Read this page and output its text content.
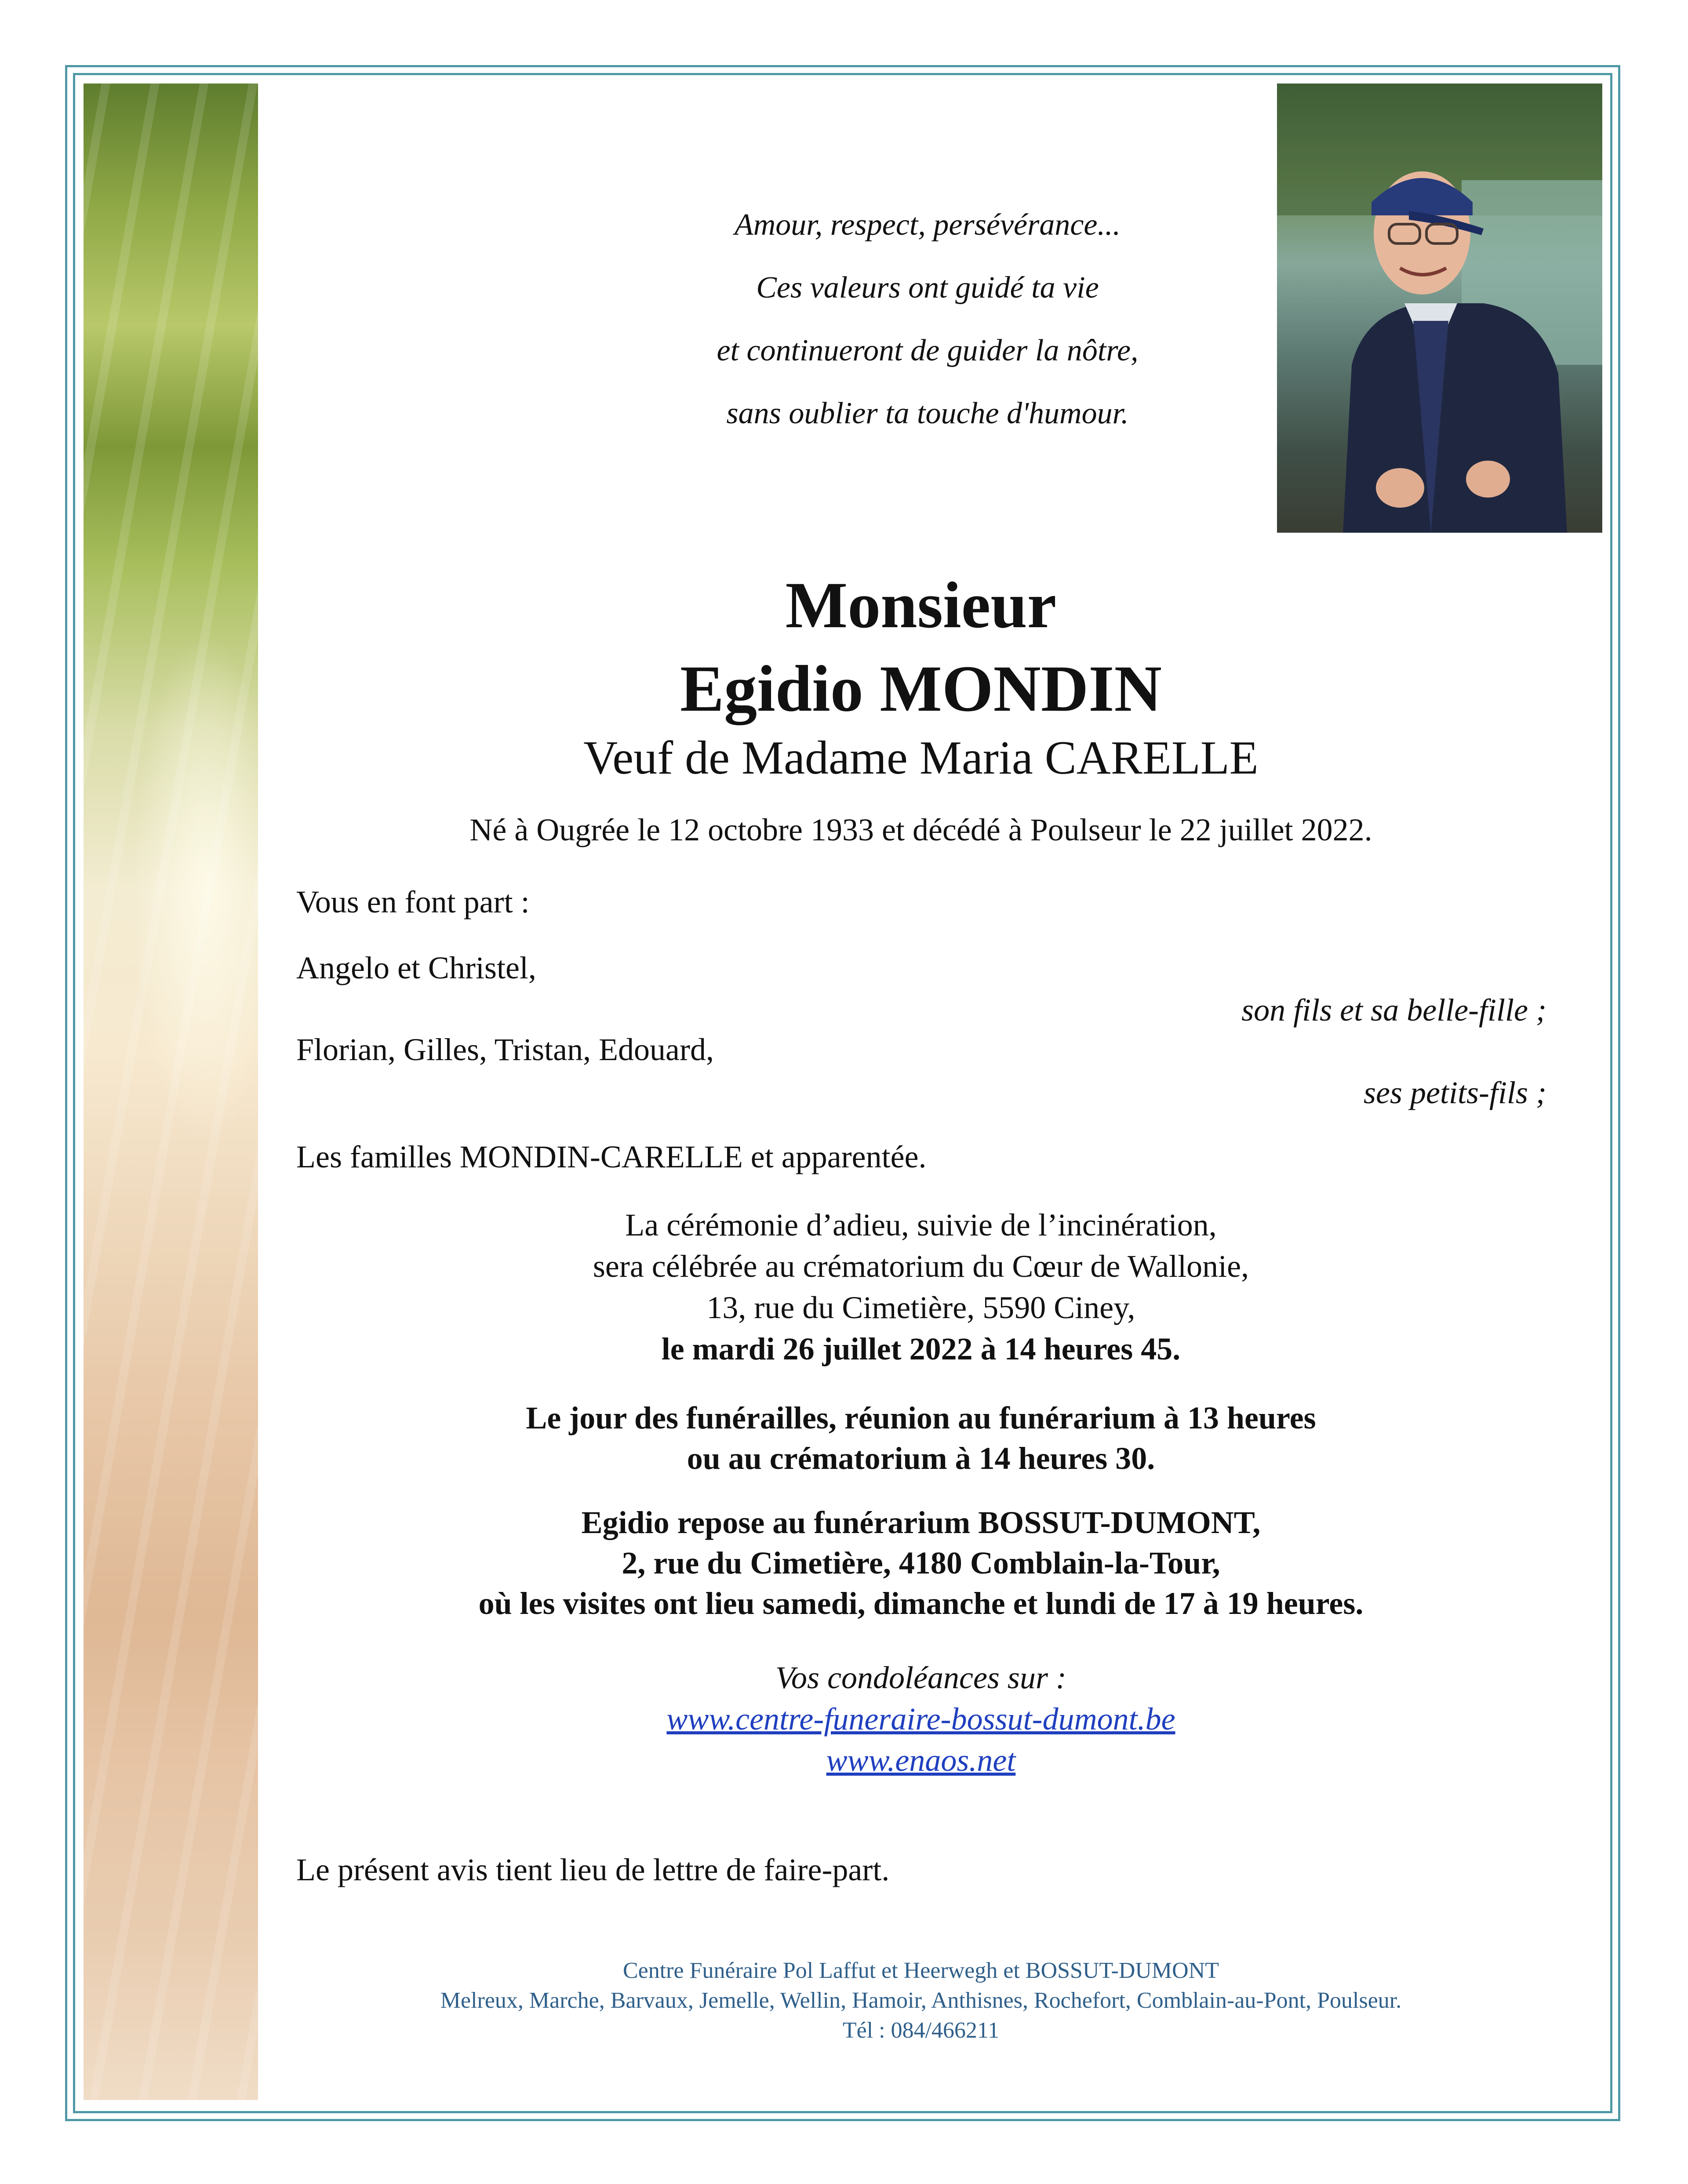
Amour, respect, persévérance...
Ces valeurs ont guidé ta vie
et continueront de guider la nôtre,
sans oublier ta touche d'humour.
Monsieur
Egidio MONDIN
Veuf de Madame Maria CARELLE
Né à Ougrée le 12 octobre 1933 et décédé à Poulseur le 22 juillet 2022.
Vous en font part :
Angelo et Christel,
son fils et sa belle-fille ;
Florian, Gilles, Tristan, Edouard,
ses petits-fils ;
Les familles MONDIN-CARELLE et apparentée.
La cérémonie d’adieu, suivie de l’incinération,
sera célébrée au crématorium du Cœur de Wallonie,
13, rue du Cimetière, 5590 Ciney,
le mardi 26 juillet 2022 à 14 heures 45.
Le jour des funérailles, réunion au funérarium à 13 heures
ou au crématorium à 14 heures 30.
Egidio repose au funérarium BOSSUT-DUMONT,
2, rue du Cimetière, 4180 Comblain-la-Tour,
où les visites ont lieu samedi, dimanche et lundi de 17 à 19 heures.
Vos condoléances sur :
www.centre-funeraire-bossut-dumont.be
www.enaos.net
Le présent avis tient lieu de lettre de faire-part.
Centre Funéraire Pol Laffut et Heerwegh et BOSSUT-DUMONT
Melreux, Marche, Barvaux, Jemelle, Wellin, Hamoir, Anthisnes, Rochefort, Comblain-au-Pont, Poulseur.
Tél : 084/466211
